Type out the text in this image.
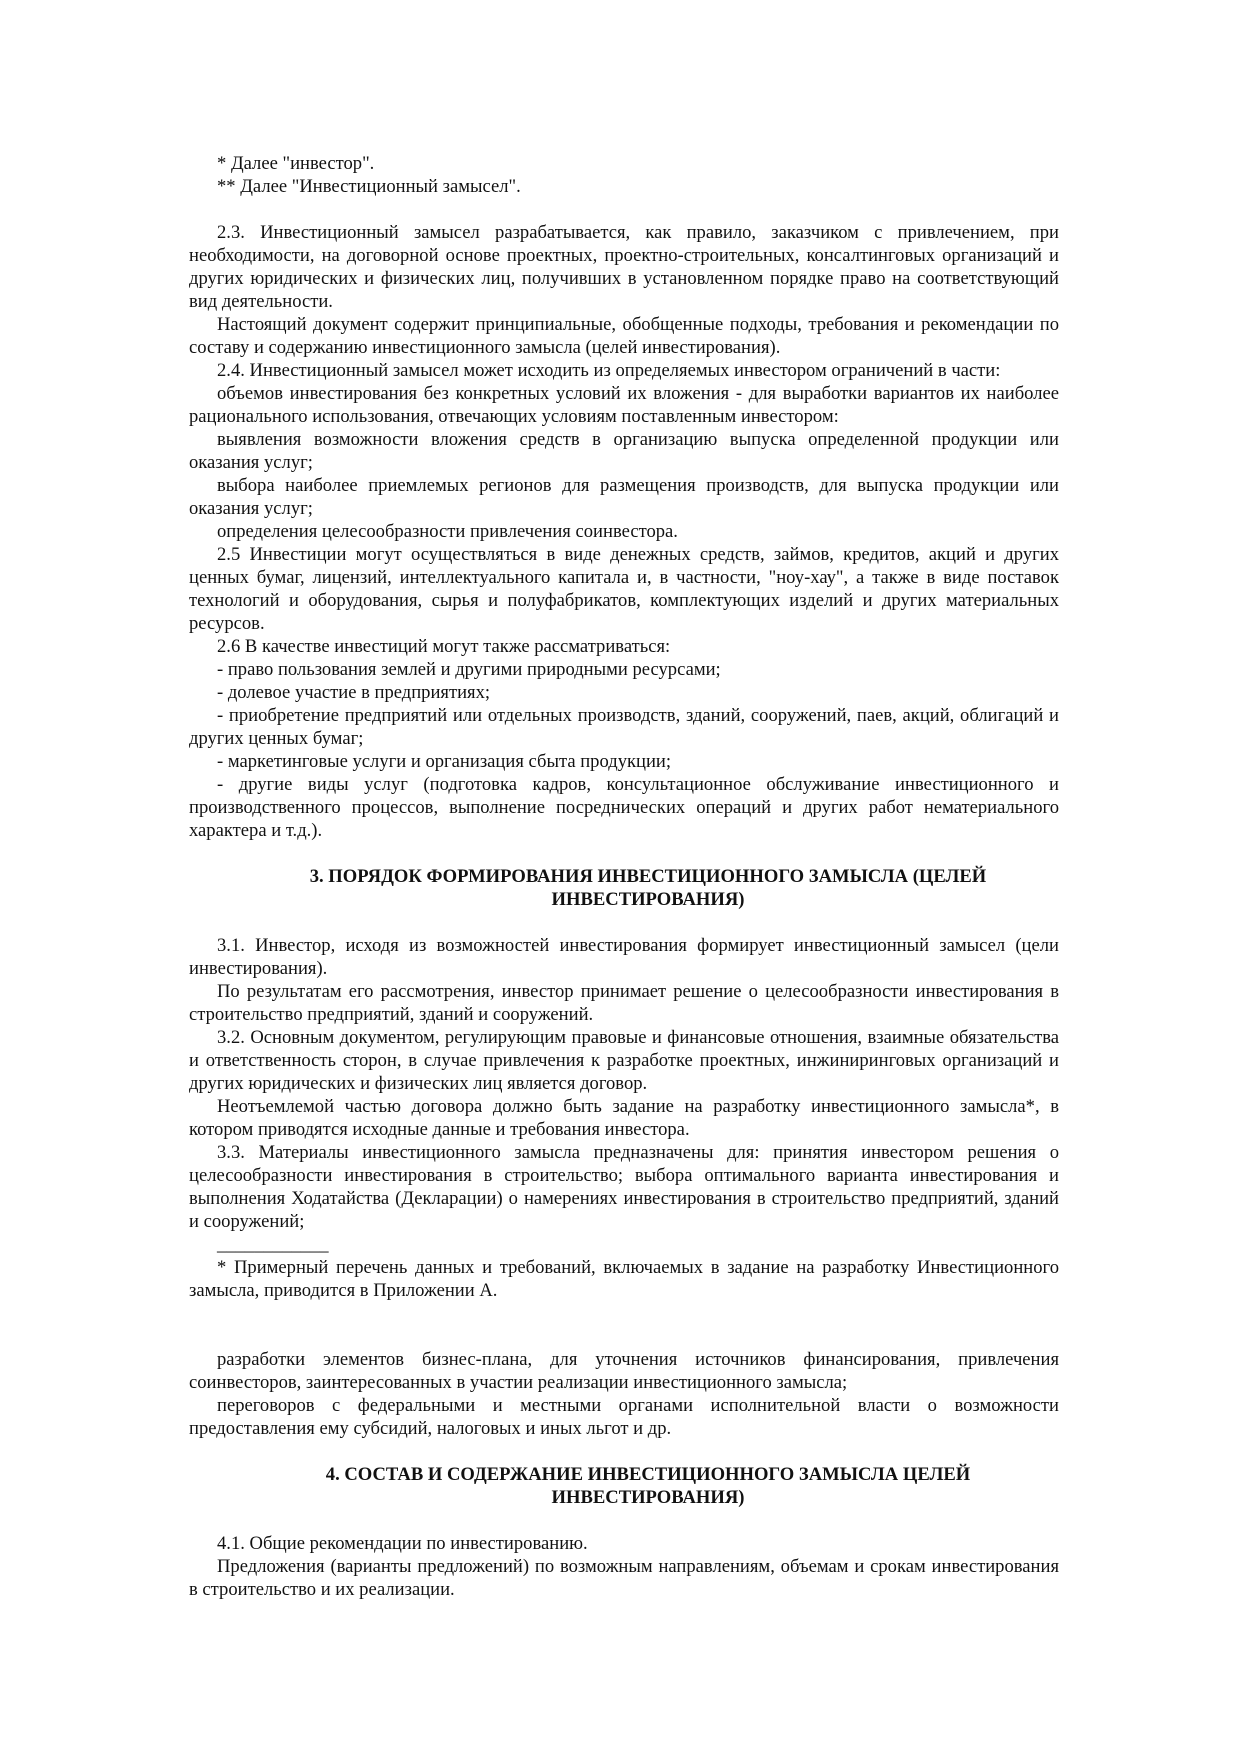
* Далее "инвестор".

** Далее "Инвестиционный замысел".

2.3. Инвестиционный замысел разрабатывается, как правило, заказчиком с привлечением, при необходимости, на договорной основе проектных, проектно-строительных, консалтинговых организаций и других юридических и физических лиц, получивших в установленном порядке право на соответствующий вид деятельности.

Настоящий документ содержит принципиальные, обобщенные подходы, требования и рекомендации по составу и содержанию инвестиционного замысла (целей инвестирования).

2.4. Инвестиционный замысел может исходить из определяемых инвестором ограничений в части:

объемов инвестирования без конкретных условий их вложения - для выработки вариантов их наиболее рационального использования, отвечающих условиям поставленным инвестором:

выявления возможности вложения средств в организацию выпуска определенной продукции или оказания услуг;

выбора наиболее приемлемых регионов для размещения производств, для выпуска продукции или оказания услуг;

определения целесообразности привлечения соинвестора.

2.5 Инвестиции могут осуществляться в виде денежных средств, займов, кредитов, акций и других ценных бумаг, лицензий, интеллектуального капитала и, в частности, "ноу-хау", а также в виде поставок технологий и оборудования, сырья и полуфабрикатов, комплектующих изделий и других материальных ресурсов.

2.6 В качестве инвестиций могут также рассматриваться:

- право пользования землей и другими природными ресурсами;

- долевое участие в предприятиях;

- приобретение предприятий или отдельных производств, зданий, сооружений, паев, акций, облигаций и других ценных бумаг;

- маркетинговые услуги и организация сбыта продукции;

- другие виды услуг (подготовка кадров, консультационное обслуживание инвестиционного и производственного процессов, выполнение посреднических операций и других работ нематериального характера и т.д.).

3. ПОРЯДОК ФОРМИРОВАНИЯ ИНВЕСТИЦИОННОГО ЗАМЫСЛА (ЦЕЛЕЙ

ИНВЕСТИРОВАНИЯ)

3.1. Инвестор, исходя из возможностей инвестирования формирует инвестиционный замысел (цели инвестирования).

По результатам его рассмотрения, инвестор принимает решение о целесообразности инвестирования в строительство предприятий, зданий и сооружений.

3.2. Основным документом, регулирующим правовые и финансовые отношения, взаимные обязательства и ответственность сторон, в случае привлечения к разработке проектных, инжиниринговых организаций и других юридических и физических лиц является договор.

Неотъемлемой частью договора должно быть задание на разработку инвестиционного замысла*, в котором приводятся исходные данные и требования инвестора.

3.3. Материалы инвестиционного замысла предназначены для: принятия инвестором решения о целесообразности инвестирования в строительство; выбора оптимального варианта инвестирования и выполнения Ходатайства (Декларации) о намерениях инвестирования в строительство предприятий, зданий и сооружений;

____________

* Примерный перечень данных и требований, включаемых в задание на разработку Инвестиционного замысла, приводится в Приложении А.

разработки элементов бизнес-плана, для уточнения источников финансирования, привлечения соинвесторов, заинтересованных в участии реализации инвестиционного замысла;

переговоров с федеральными и местными органами исполнительной власти о возможности предоставления ему субсидий, налоговых и иных льгот и др.

4. СОСТАВ И СОДЕРЖАНИЕ ИНВЕСТИЦИОННОГО ЗАМЫСЛА ЦЕЛЕЙ

ИНВЕСТИРОВАНИЯ)

4.1. Общие рекомендации по инвестированию.

Предложения (варианты предложений) по возможным направлениям, объемам и срокам инвестирования в строительство и их реализации.
